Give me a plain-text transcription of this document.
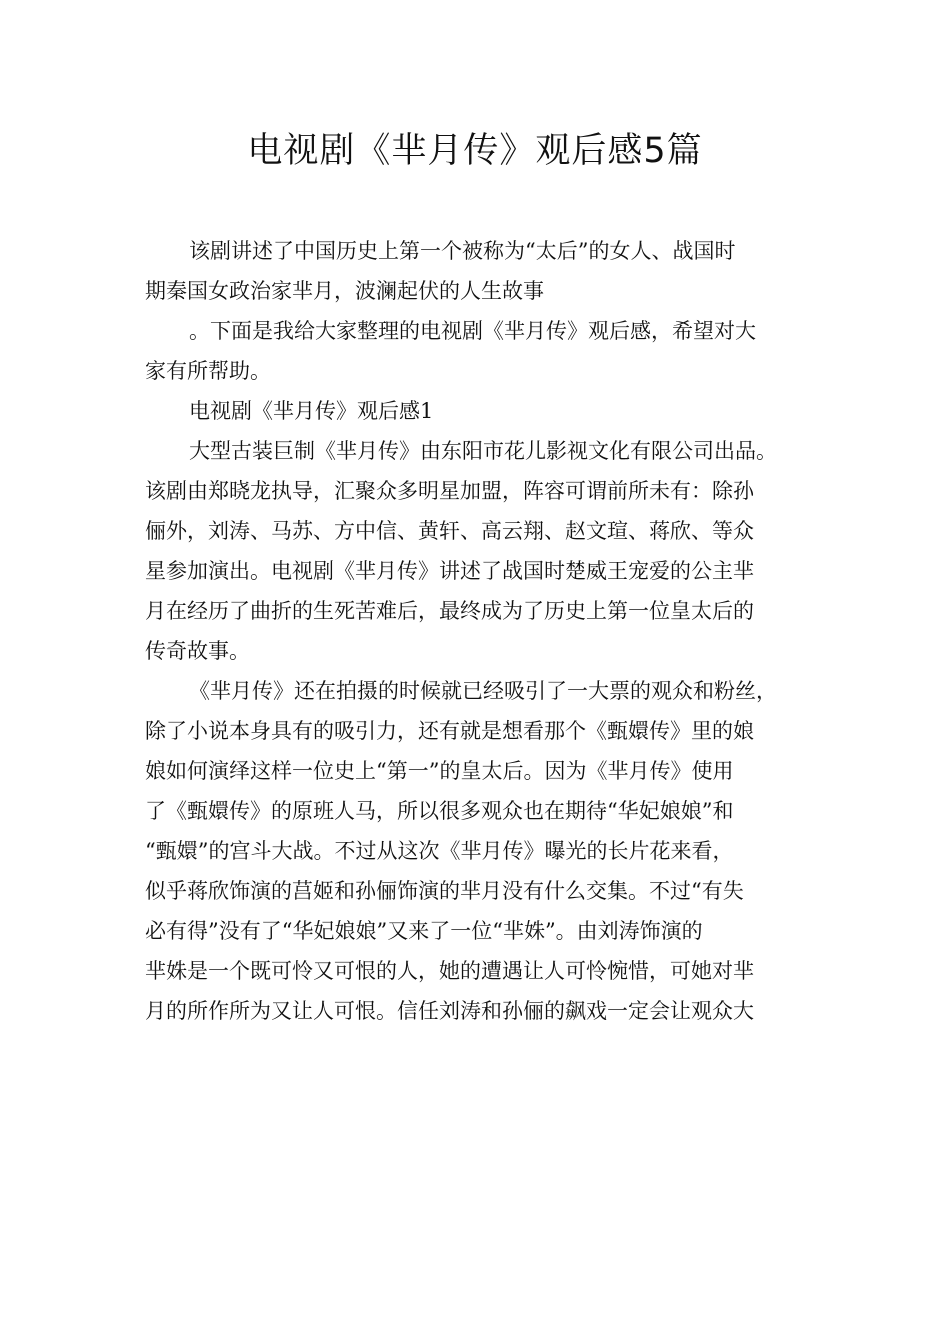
电视剧《芈月传》观后感5篇

该剧讲述了中国历史上第一个被称为“太后”的女人、战国时
期秦国女政治家芈月，波澜起伏的人生故事

。下面是我给大家整理的电视剧《芈月传》观后感，希望对大
家有所帮助。

电视剧《芈月传》观后感1

大型古装巨制《芈月传》由东阳市花儿影视文化有限公司出品。
该剧由郑晓龙执导，汇聚众多明星加盟，阵容可谓前所未有：除孙
俪外，刘涛、马苏、方中信、黄轩、高云翔、赵文瑄、蒋欣、等众
星参加演出。电视剧《芈月传》讲述了战国时楚威王宠爱的公主芈
月在经历了曲折的生死苦难后，最终成为了历史上第一位皇太后的
传奇故事。

《芈月传》还在拍摄的时候就已经吸引了一大票的观众和粉丝，
除了小说本身具有的吸引力，还有就是想看那个《甄嬛传》里的娘
娘如何演绎这样一位史上“第一”的皇太后。因为《芈月传》使用
了《甄嬛传》的原班人马，所以很多观众也在期待“华妃娘娘”和
“甄嬛”的宫斗大战。不过从这次《芈月传》曝光的长片花来看，
似乎蒋欣饰演的莒姬和孙俪饰演的芈月没有什么交集。不过“有失
必有得”没有了“华妃娘娘”又来了一位“芈姝”。由刘涛饰演的
芈姝是一个既可怜又可恨的人，她的遭遇让人可怜惋惜，可她对芈
月的所作所为又让人可恨。信任刘涛和孙俪的飙戏一定会让观众大
